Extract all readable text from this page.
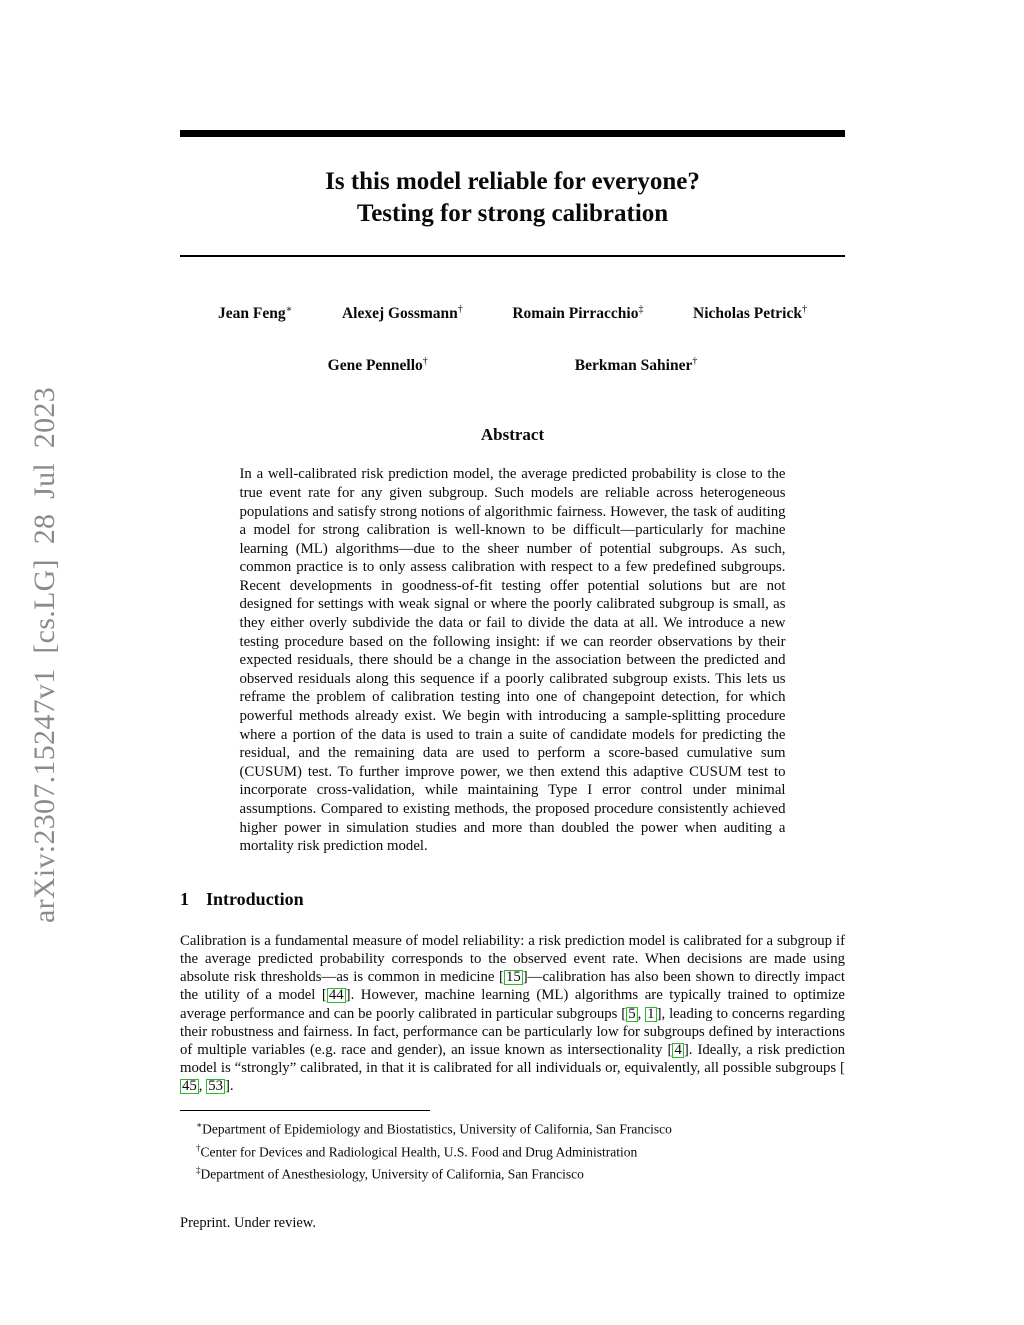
arXiv:2307.15247v1 [cs.LG] 28 Jul 2023
Is this model reliable for everyone?
Testing for strong calibration
Jean Feng∗	Alexej Gossmann†	Romain Pirracchio‡	Nicholas Petrick†
Gene Pennello†	Berkman Sahiner†
Abstract

In a well-calibrated risk prediction model, the average predicted probability is close to the true event rate for any given subgroup. Such models are reliable across heterogeneous populations and satisfy strong notions of algorithmic fairness. However, the task of auditing a model for strong calibration is well-known to be difficult—particularly for machine learning (ML) algorithms—due to the sheer number of potential subgroups. As such, common practice is to only assess calibration with respect to a few predefined subgroups. Recent developments in goodness-of-fit testing offer potential solutions but are not designed for settings with weak signal or where the poorly calibrated subgroup is small, as they either overly subdivide the data or fail to divide the data at all. We introduce a new testing procedure based on the following insight: if we can reorder observations by their expected residuals, there should be a change in the association between the predicted and observed residuals along this sequence if a poorly calibrated subgroup exists. This lets us reframe the problem of calibration testing into one of changepoint detection, for which powerful methods already exist. We begin with introducing a sample-splitting procedure where a portion of the data is used to train a suite of candidate models for predicting the residual, and the remaining data are used to perform a score-based cumulative sum (CUSUM) test. To further improve power, we then extend this adaptive CUSUM test to incorporate cross-validation, while maintaining Type I error control under minimal assumptions. Compared to existing methods, the proposed procedure consistently achieved higher power in simulation studies and more than doubled the power when auditing a mortality risk prediction model.

1 Introduction

Calibration is a fundamental measure of model reliability: a risk prediction model is calibrated for a subgroup if the average predicted probability corresponds to the observed event rate. When decisions are made using absolute risk thresholds—as is common in medicine [ 15 ]—calibration has also been shown to directly impact the utility of a model [ 44 ]. However, machine learning (ML) algorithms are typically trained to optimize average performance and can be poorly calibrated in particular subgroups [ 5 , 1 ], leading to concerns regarding their robustness and fairness. In fact, performance can be particularly low for subgroups defined by interactions of multiple variables (e.g. race and gender), an issue known as intersectionality [ 4 ]. Ideally, a risk prediction model is “strongly” calibrated, in that it is calibrated for all individuals or, equivalently, all possible subgroups [45 , 53 ].

∗Department of Epidemiology and Biostatistics, University of California, San Francisco
†Center for Devices and Radiological Health, U.S. Food and Drug Administration
‡Department of Anesthesiology, University of California, San Francisco
Preprint. Under review.
